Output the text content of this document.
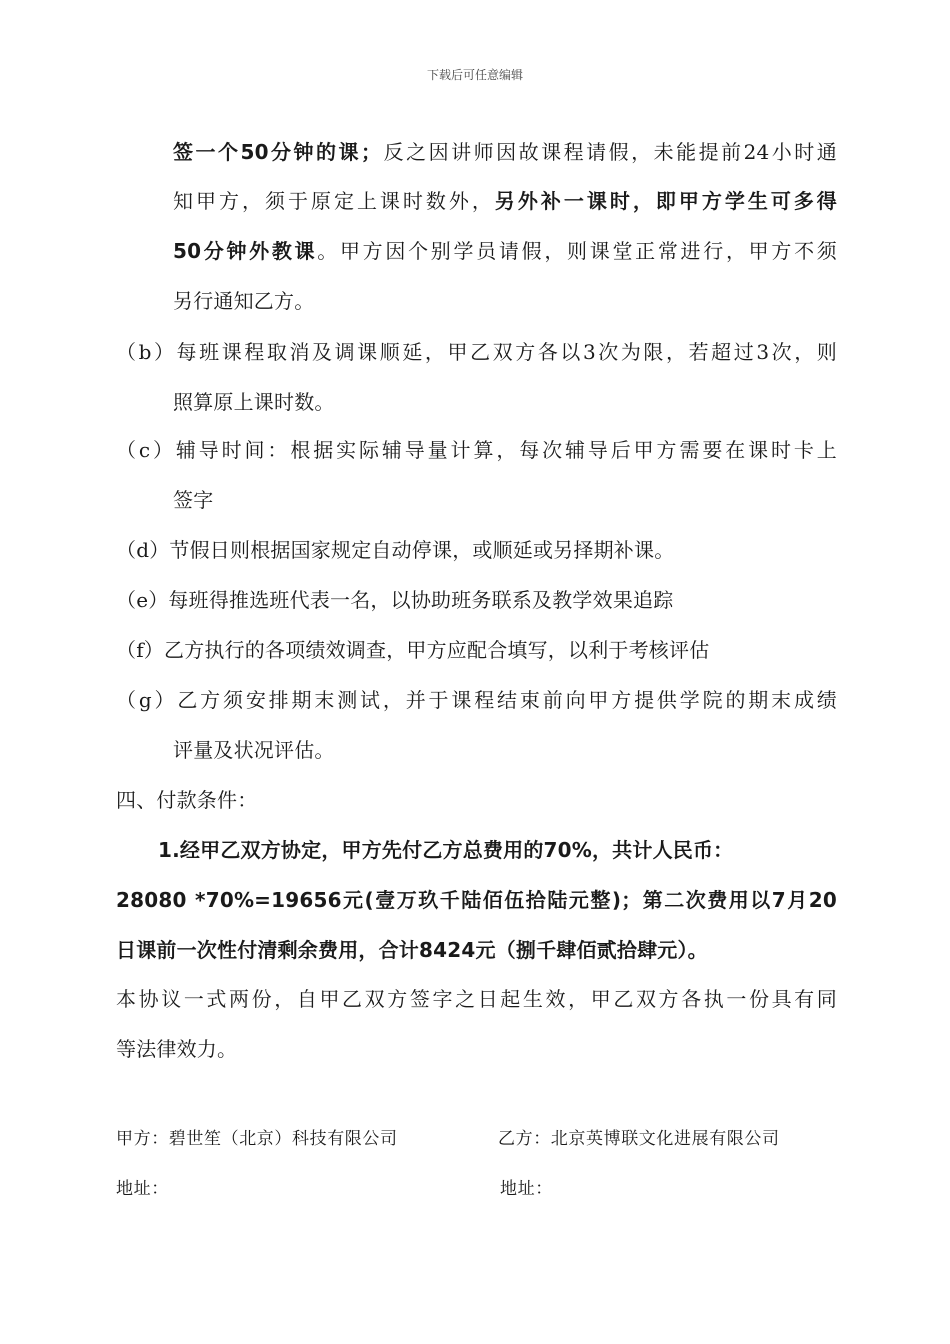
下载后可任意编辑
签一个50分钟的课；反之因讲师因故课程请假，未能提前24小时通
知甲方，须于原定上课时数外，另外补一课时，即甲方学生可多得
50分钟外教课。甲方因个别学员请假，则课堂正常进行，甲方不须
另行通知乙方。
（b）每班课程取消及调课顺延，甲乙双方各以3次为限，若超过3次，则
照算原上课时数。
（c）辅导时间：根据实际辅导量计算，每次辅导后甲方需要在课时卡上
签字
（d）节假日则根据国家规定自动停课，或顺延或另择期补课。
（e）每班得推选班代表一名，以协助班务联系及教学效果追踪
（f）乙方执行的各项绩效调查，甲方应配合填写，以利于考核评估
（g）乙方须安排期末测试，并于课程结束前向甲方提供学院的期末成绩
评量及状况评估。
四、付款条件：
1.经甲乙双方协定，甲方先付乙方总费用的70%，共计人民币：
28080 *70%=19656元(壹万玖千陆佰伍拾陆元整)；第二次费用以7月20
日课前一次性付清剩余费用，合计8424元（捌千肆佰贰拾肆元）。
本协议一式两份，自甲乙双方签字之日起生效，甲乙双方各执一份具有同
等法律效力。
甲方：碧世笙（北京）科技有限公司	乙方：北京英博联文化进展有限公司
地址：	地址：
